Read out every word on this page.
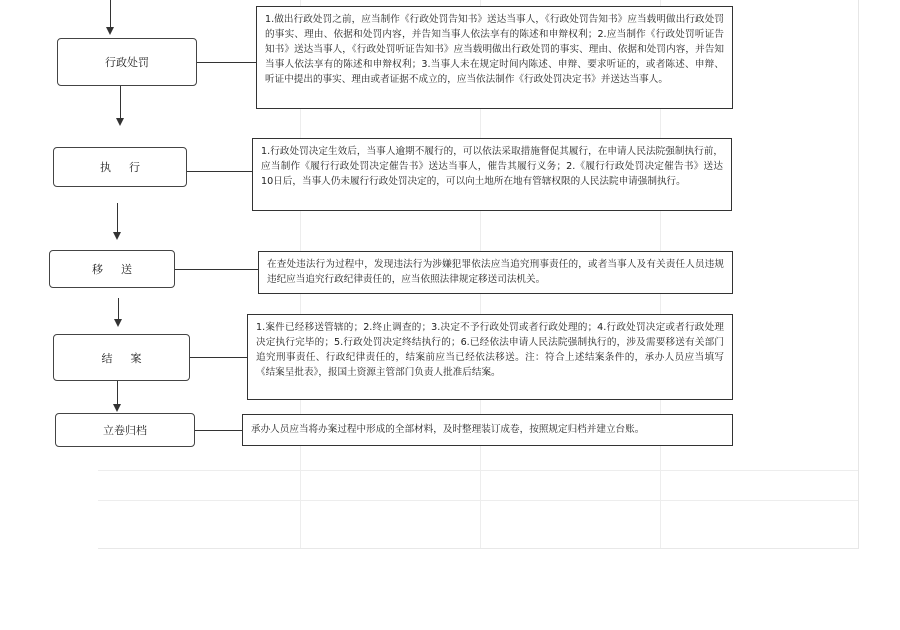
行政处罚
1.做出行政处罚之前，应当制作《行政处罚告知书》送达当事人，《行政处罚告知书》应当载明做出行政处罚的事实、理由、依据和处罚内容，并告知当事人依法享有的陈述和申辩权利；2.应当制作《行政处罚听证告知书》送达当事人，《行政处罚听证告知书》应当载明做出行政处罚的事实、理由、依据和处罚内容，并告知当事人依法享有的陈述和申辩权利；3.当事人未在规定时间内陈述、申辩、要求听证的，或者陈述、申辩、听证中提出的事实、理由或者证据不成立的，应当依法制作《行政处罚决定书》并送达当事人。
执行
1.行政处罚决定生效后，当事人逾期不履行的，可以依法采取措施督促其履行，在申请人民法院强制执行前，应当制作《履行行政处罚决定催告书》送达当事人，催告其履行义务；2.《履行行政处罚决定催告书》送达10日后，当事人仍未履行行政处罚决定的，可以向土地所在地有管辖权限的人民法院申请强制执行。
移送	在查处违法行为过程中，发现违法行为涉嫌犯罪依法应当追究刑事责任的，或者当事人及有关责任人员违规违纪应当追究行政纪律责任的，应当依照法律规定移送司法机关。
结案
1.案件已经移送管辖的；2.终止调查的；3.决定不予行政处罚或者行政处理的；4.行政处罚决定或者行政处理决定执行完毕的；5.行政处罚决定终结执行的；6.已经依法申请人民法院强制执行的，涉及需要移送有关部门追究刑事责任、行政纪律责任的，结案前应当已经依法移送。注：符合上述结案条件的，承办人员应当填写《结案呈批表》，报国土资源主管部门负责人批准后结案。
立卷归档	承办人员应当将办案过程中形成的全部材料，及时整理装订成卷，按照规定归档并建立台账。
